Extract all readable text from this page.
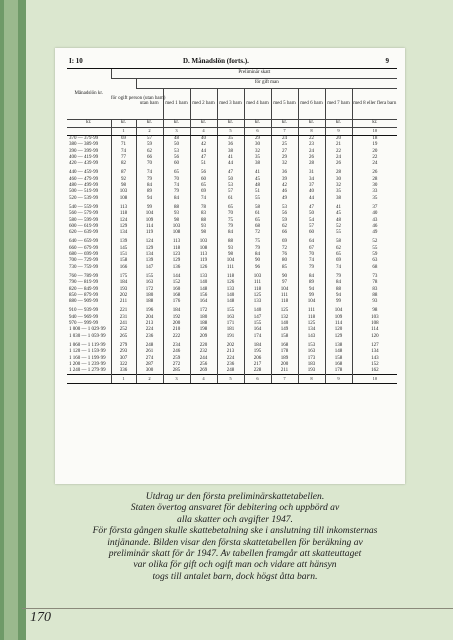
I: 10	D. Månadslön (forts.).	9
Månadslön kr.	Preliminär skatt									
	för ogift person (utan barn)	för gift man								
		utan barn	med 1 barn	med 2 barn	med 3 barn	med 4 barn	med 5 barn	med 6 barn	med 7 barn	med 8 eller flera barn
kr.	kr.	kr.	kr.	kr.	kr.	kr.	kr.	kr.	kr.	kr.
	1	2	3	4	5	6	7	8	9	10
370 — 379·99	69	57	48	40	35	29	24	22	20	18
380 — 389·99	71	59	50	42	36	30	25	23	21	19
390 — 399·99	74	62	53	44	38	32	27	24	22	20
400 — 419·99	77	66	56	47	41	35	29	26	24	22
420 — 439·99	82	70	60	51	44	38	32	28	26	24
440 — 459·99	87	74	65	56	47	41	36	31	28	26
460 — 479·99	92	79	70	60	50	45	39	34	30	28
480 — 499·99	98	84	74	65	53	48	42	37	32	30
500 — 519·99	103	89	79	69	57	51	46	40	35	33
520 — 539·99	108	94	84	74	61	55	49	44	38	35
540 — 559·99	113	99	88	78	65	58	53	47	41	37
560 — 579·99	118	104	93	83	70	61	56	50	45	40
580 — 599·99	124	109	98	88	75	65	59	54	48	43
600 — 619·99	129	114	103	93	79	68	62	57	52	46
620 — 639·99	134	119	108	98	84	72	66	60	55	49
640 — 659·99	139	124	113	103	88	75	69	64	58	52
660 — 679·99	145	129	118	108	93	79	72	67	62	55
680 — 699·99	151	134	123	113	98	84	76	70	65	59
700 — 729·99	158	139	129	119	104	90	80	74	69	63
730 — 759·99	166	147	136	126	111	96	85	79	74	68
760 — 789·99	175	155	144	133	118	103	90	84	79	73
790 — 819·99	184	163	152	140	126	111	97	89	84	78
820 — 849·99	193	172	160	148	133	118	104	94	88	83
850 — 879·99	202	180	168	156	140	125	111	99	94	88
880 — 909·99	211	188	176	164	148	133	118	104	99	93
910 — 939·99	221	196	184	172	155	140	125	111	104	98
940 — 969·99	231	204	192	180	163	147	132	118	109	103
970 — 999·99	241	213	200	188	171	155	140	125	114	108
1 000 — 1 029·99	252	224	210	198	181	164	149	134	120	114
1 030 — 1 059·99	265	236	222	209	191	174	158	143	129	120
1 060 — 1 119·99	279	248	234	220	202	184	168	153	138	127
1 120 — 1 159·99	293	261	246	232	213	195	178	163	148	134
1 160 — 1 199·99	307	274	259	244	224	206	189	173	158	143
1 200 — 1 239·99	322	287	272	256	236	217	200	183	168	152
1 240 — 1 279·99	336	300	285	269	248	228	211	193	178	162
	1	2	3	4	5	6	7	8	9	10
Utdrag ur den första preliminärskattetabellen.
Staten övertog ansvaret för debitering och uppbörd av
alla skatter och avgifter 1947.
För första gången skulle skattebetalning ske i anslutning till inkomsternas
intjänande. Bilden visar den första skattetabellen för beräkning av
preliminär skatt för år 1947. Av tabellen framgår att skatteuttaget
var olika för gift och ogift man och vidare att hänsyn
togs till antalet barn, dock högst åtta barn.
170
